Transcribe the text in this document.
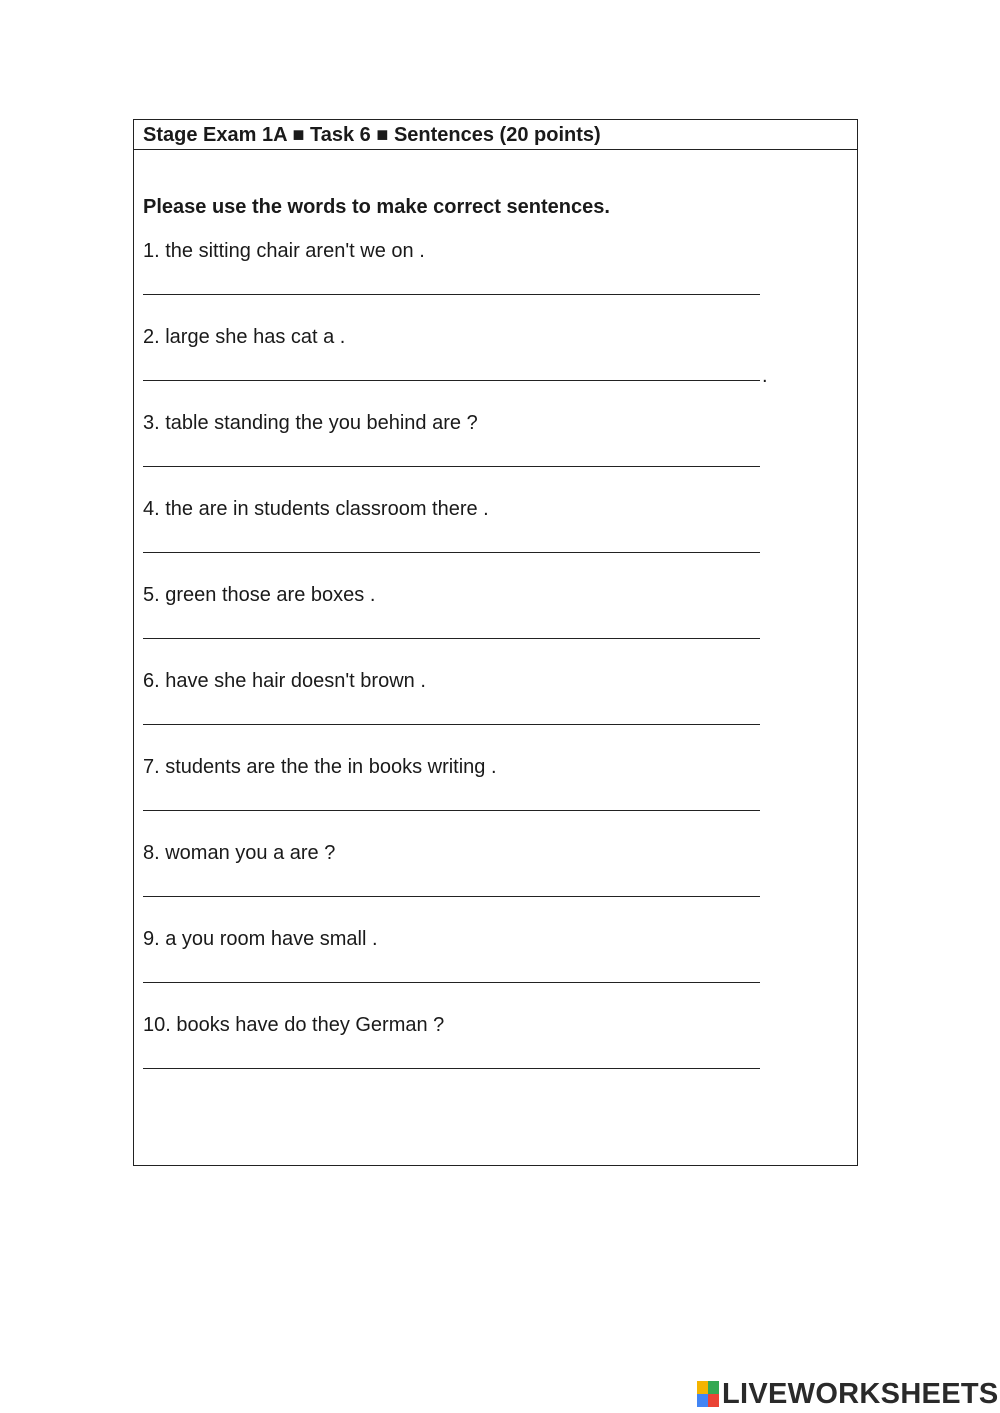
Stage Exam 1A ■ Task 6 ■ Sentences (20 points)
Please use the words to make correct sentences.
1. the sitting chair aren't we on .
2. large she has cat a .
.
3. table standing the you behind are ?
4. the are in students classroom there .
5. green those are boxes .
6. have she hair doesn't brown .
7. students are the the in books writing .
8. woman you a are ?
9. a you room have small .
10. books have do they German ?
LIVEWORKSHEETS
